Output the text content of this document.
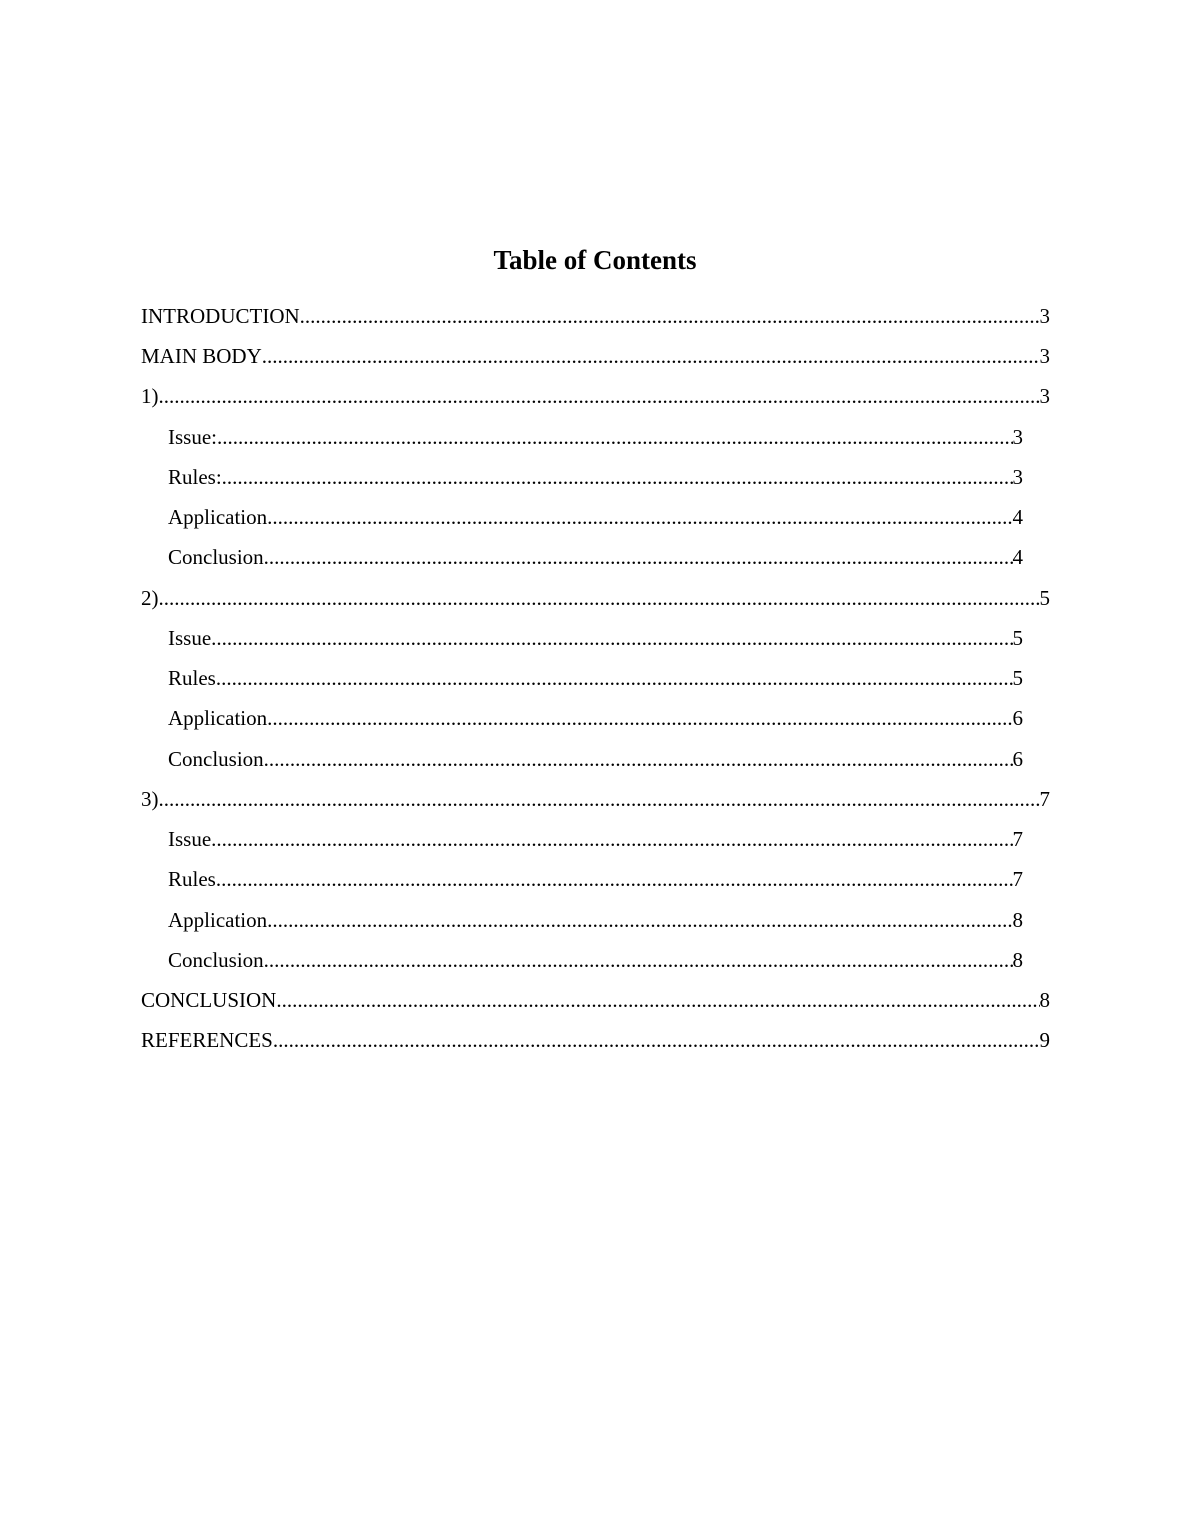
Table of Contents
INTRODUCTION .....	3
MAIN BODY .....	3
1) .....	3
Issue: .....	3
Rules: .....	3
Application .....	4
Conclusion .....	4
2) .....	5
Issue .....	5
Rules .....	5
Application .....	6
Conclusion .....	6
3) .....	7
Issue .....	7
Rules .....	7
Application .....	8
Conclusion .....	8
CONCLUSION .....	8
REFERENCES .....	9
